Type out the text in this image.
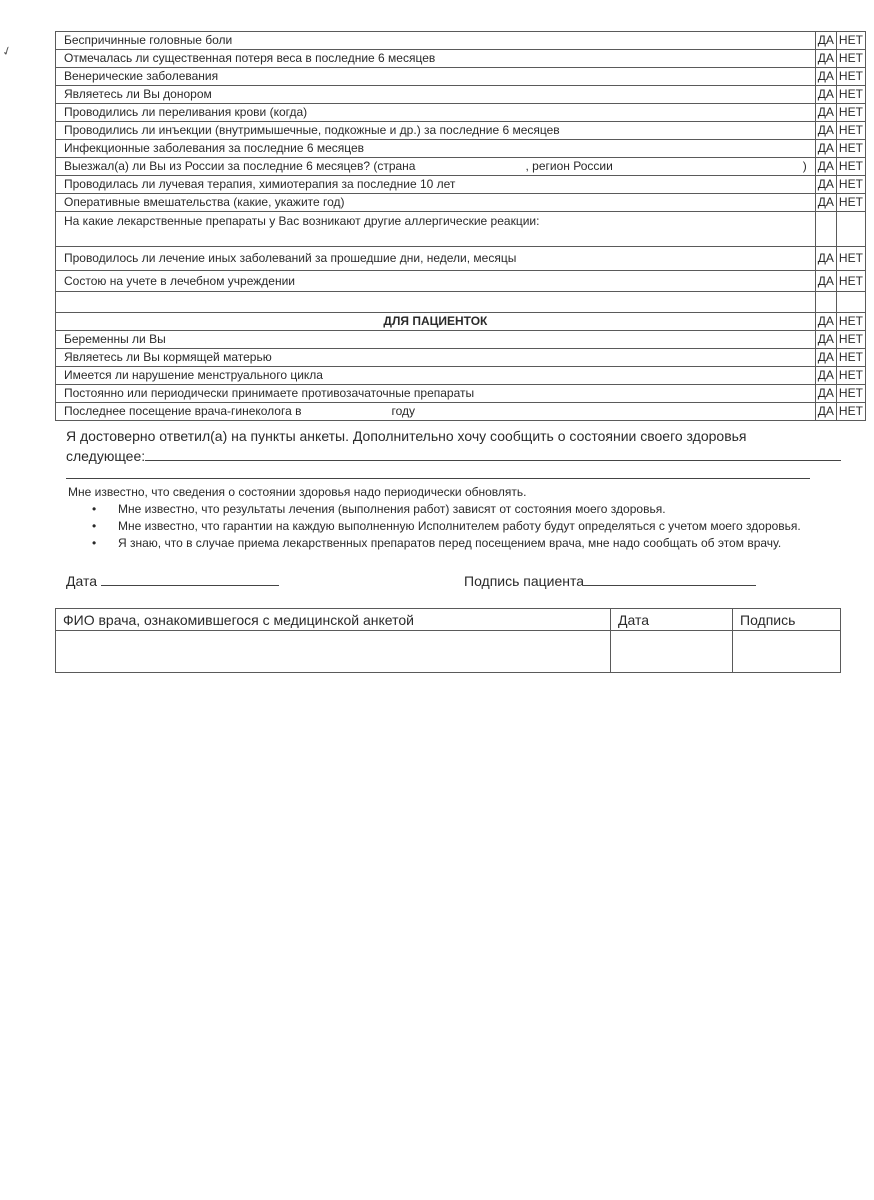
✓
Беспричинные головные боли	ДА	НЕТ
Отмечалась ли существенная потеря веса в последние 6 месяцев	ДА	НЕТ
Венерические заболевания	ДА	НЕТ
Являетесь ли Вы донором	ДА	НЕТ
Проводились ли переливания крови (когда)	ДА	НЕТ
Проводились ли инъекции (внутримышечные, подкожные и др.) за последние 6 месяцев	ДА	НЕТ
Инфекционные заболевания за последние 6 месяцев	ДА	НЕТ
Выезжал(а) ли Вы из России за последние 6 месяцев? (страна , регион России )	ДА	НЕТ
Проводилась ли лучевая терапия, химиотерапия за последние 10 лет	ДА	НЕТ
Оперативные вмешательства (какие, укажите год)	ДА	НЕТ
На какие лекарственные препараты у Вас возникают другие аллергические реакции:		
Проводилось ли лечение иных заболеваний за прошедшие дни, недели, месяцы	ДА	НЕТ
Состою на учете в лечебном учреждении	ДА	НЕТ

ДЛЯ ПАЦИЕНТОК	ДА	НЕТ
Беременны ли Вы	ДА	НЕТ
Являетесь ли Вы кормящей матерью	ДА	НЕТ
Имеется ли нарушение менструального цикла	ДА	НЕТ
Постоянно или периодически принимаете противозачаточные препараты	ДА	НЕТ
Последнее посещение врача-гинеколога в году	ДА	НЕТ
Я достоверно ответил(а) на пункты анкеты. Дополнительно хочу сообщить о состоянии своего здоровья
следующее:
Мне известно, что сведения о состоянии здоровья надо периодически обновлять.
• Мне известно, что результаты лечения (выполнения работ) зависят от состояния моего здоровья.
• Мне известно, что гарантии на каждую выполненную Исполнителем работу будут определяться с учетом моего здоровья.
• Я знаю, что в случае приема лекарственных препаратов перед посещением врача, мне надо сообщать об этом врачу.
Дата	Подпись пациента
ФИО врача, ознакомившегося с медицинской анкетой	Дата	Подпись
